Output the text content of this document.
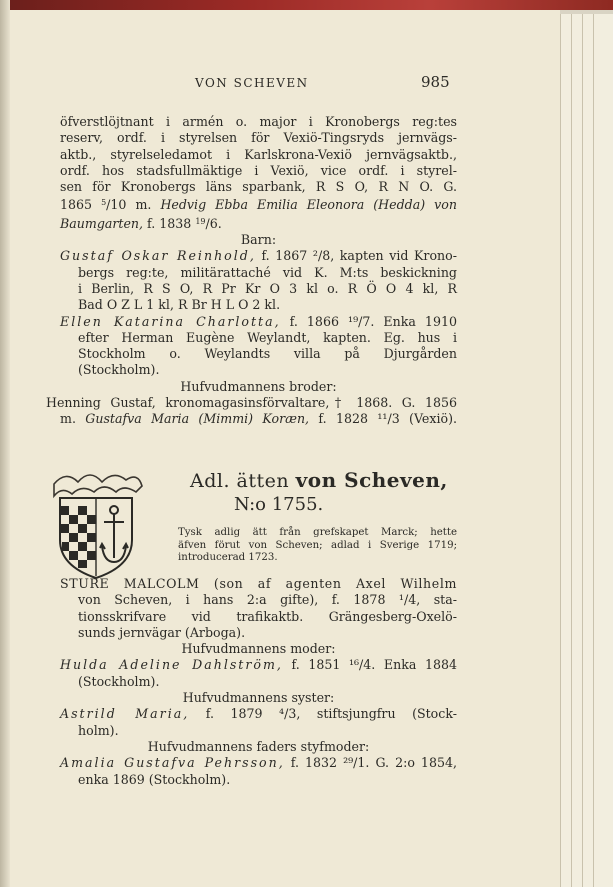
VON SCHEVEN	985
öfverstlöjtnant i armén o. major i Kronobergs reg:tes
reserv, ordf. i styrelsen för Vexiö-Tingsryds jernvägs-
aktb., styrelseledamot i Karlskrona-Vexiö jernvägsaktb.,
ordf. hos stadsfullmäktige i Vexiö, vice ordf. i styrel-
sen för Kronobergs läns sparbank, R S O, R N O. G.
1865 $^5$/10 m. Hedvig Ebba Emilia Eleonora (Hedda) von
Baumgarten, f. 1838 $^{19}$/6.
Barn:
Gustaf Oskar Reinhold, f. 1867 ²/8, kapten vid Krono-
bergs reg:te, militärattaché vid K. M:ts beskickning
i Berlin, R S O, R Pr Kr O 3 kl o. R Ö O 4 kl, R
Bad O Z L 1 kl, R Br H L O 2 kl.
Ellen Katarina Charlotta, f. 1866 ¹⁹/7. Enka 1910
efter Herman Eugène Weylandt, kapten. Eg. hus i
Stockholm o. Weylandts villa på Djurgården
(Stockholm).
Hufvudmannens broder:
Henning Gustaf, kronomagasinsförvaltare,† 1868. G. 1856
m. Gustafva Maria (Mimmi) Koræn, f. 1828 ¹¹/3 (Vexiö).
Adl. ätten von Scheven,
N:o 1755.
Tysk adlig ätt från grefskapet Marck; hette
äfven förut von Scheven; adlad i Sverige 1719;
introducerad 1723.
STURE MALCOLM (son af agenten Axel Wilhelm
von Scheven, i hans 2:a gifte), f. 1878 ¹/4, sta-
tionsskrifvare vid trafikaktb. Grängesberg-Oxelö-
sunds jernvägar (Arboga).
Hufvudmannens moder:
Hulda Adeline Dahlström, f. 1851 ¹⁶/4. Enka 1884
(Stockholm).
Hufvudmannens syster:
Astrild Maria, f. 1879 ⁴/3, stiftsjungfru (Stock-
holm).
Hufvudmannens faders styfmoder:
Amalia Gustafva Pehrsson, f. 1832 ²⁹/1. G. 2:o 1854,
enka 1869 (Stockholm).
